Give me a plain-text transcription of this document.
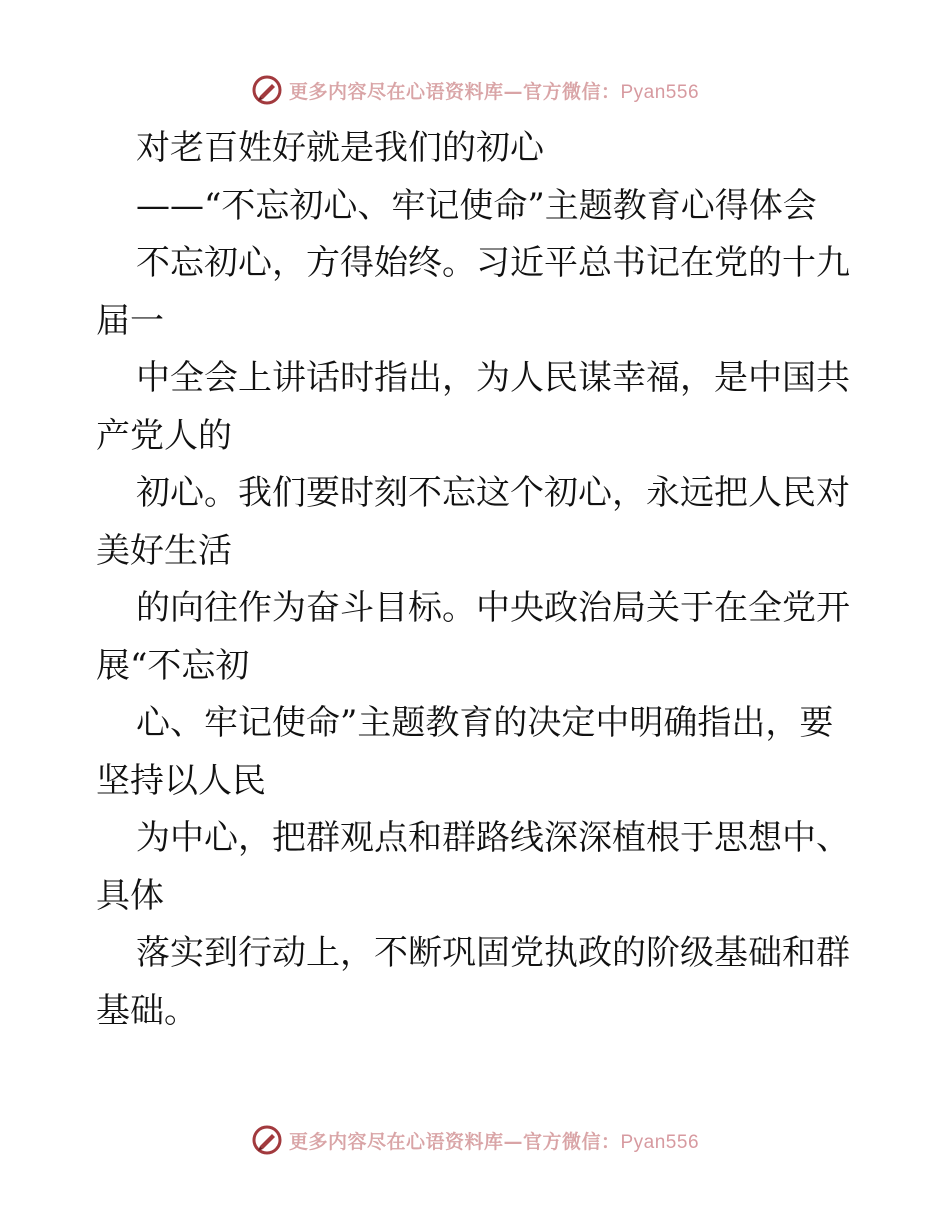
更多内容尽在心语资料库—官方微信：Pyan556
对老百姓好就是我们的初心
——“不忘初心、牢记使命”主题教育心得体会
不忘初心，方得始终。习近平总书记在党的十九
届一
中全会上讲话时指出，为人民谋幸福，是中国共
产党人的
初心。我们要时刻不忘这个初心，永远把人民对
美好生活
的向往作为奋斗目标。中央政治局关于在全党开
展“不忘初
心、牢记使命”主题教育的决定中明确指出，要
坚持以人民
为中心，把群观点和群路线深深植根于思想中、
具体
落实到行动上，不断巩固党执政的阶级基础和群
基础。
更多内容尽在心语资料库—官方微信：Pyan556
